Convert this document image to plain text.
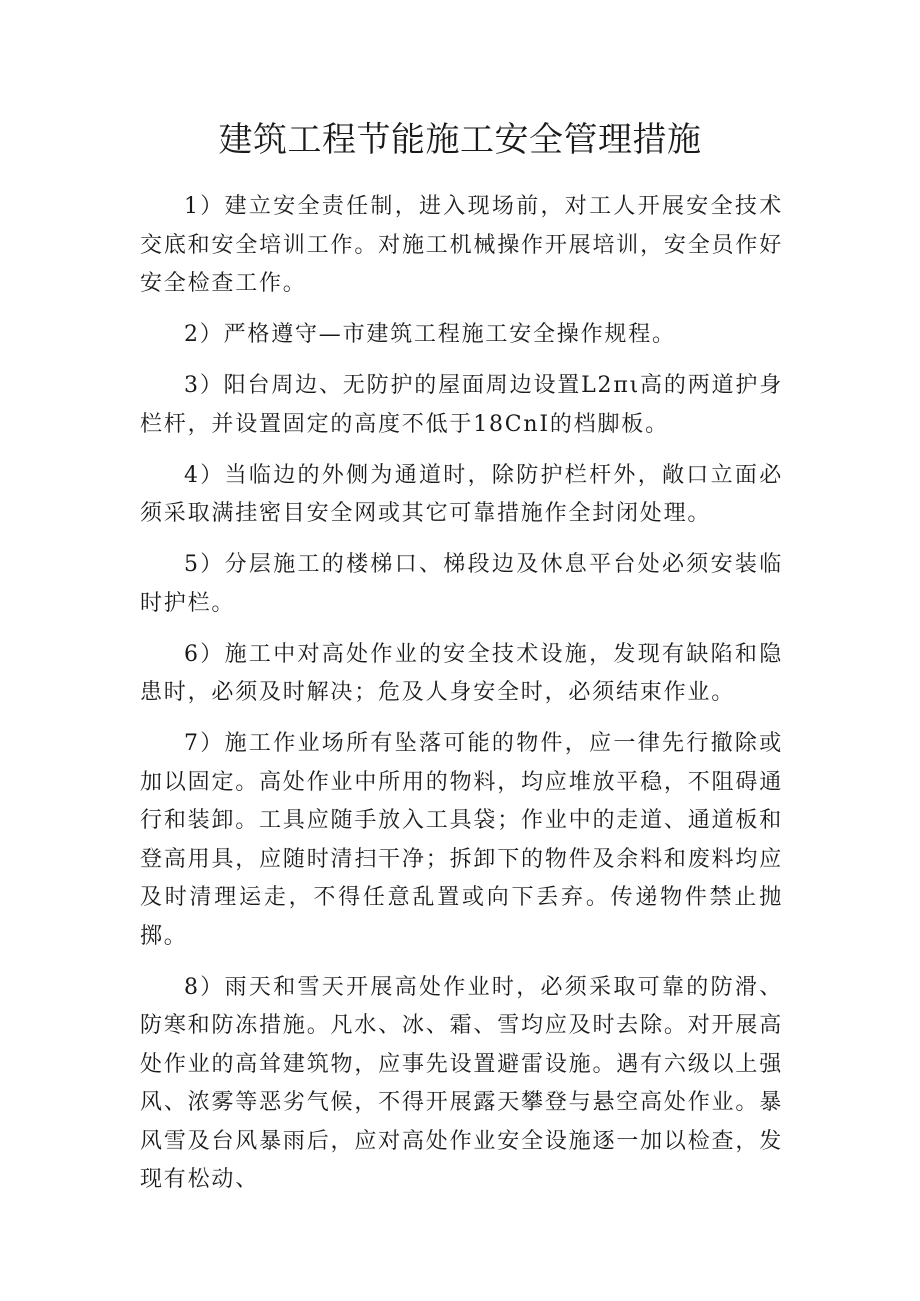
建筑工程节能施工安全管理措施

1）建立安全责任制，进入现场前，对工人开展安全技术交底和安全培训工作。对施工机械操作开展培训，安全员作好安全检查工作。

2）严格遵守—市建筑工程施工安全操作规程。

3）阳台周边、无防护的屋面周边设置L2πι高的两道护身栏杆，并设置固定的高度不低于18CnI的档脚板。

4）当临边的外侧为通道时，除防护栏杆外，敞口立面必须采取满挂密目安全网或其它可靠措施作全封闭处理。

5）分层施工的楼梯口、梯段边及休息平台处必须安装临时护栏。

6）施工中对高处作业的安全技术设施，发现有缺陷和隐患时，必须及时解决；危及人身安全时，必须结束作业。

7）施工作业场所有坠落可能的物件，应一律先行撤除或加以固定。高处作业中所用的物料，均应堆放平稳，不阻碍通行和装卸。工具应随手放入工具袋；作业中的走道、通道板和登高用具，应随时清扫干净；拆卸下的物件及余料和废料均应及时清理运走，不得任意乱置或向下丢弃。传递物件禁止抛掷。

8）雨天和雪天开展高处作业时，必须采取可靠的防滑、防寒和防冻措施。凡水、冰、霜、雪均应及时去除。对开展高处作业的高耸建筑物，应事先设置避雷设施。遇有六级以上强风、浓雾等恶劣气候，不得开展露天攀登与悬空高处作业。暴风雪及台风暴雨后，应对高处作业安全设施逐一加以检查，发现有松动、
